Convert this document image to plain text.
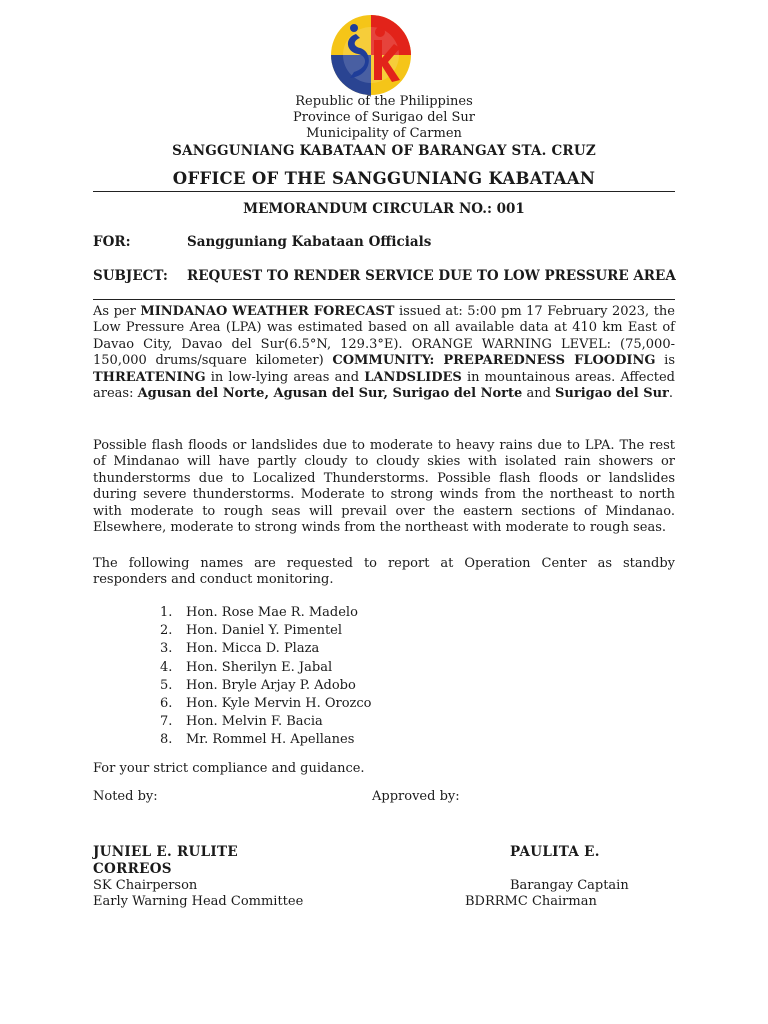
Republic of the Philippines
Province of Surigao del Sur
Municipality of Carmen
SANGGUNIANG KABATAAN OF BARANGAY STA. CRUZ
OFFICE OF THE SANGGUNIANG KABATAAN
MEMORANDUM CIRCULAR NO.: 001
FOR:	Sangguniang Kabataan Officials
SUBJECT: REQUEST TO RENDER SERVICE DUE TO LOW PRESSURE AREA
As per MINDANAO WEATHER FORECAST issued at: 5:00 pm 17 February 2023, the Low Pressure Area (LPA) was estimated based on all available data at 410 km East of Davao City, Davao del Sur(6.5°N, 129.3°E). ORANGE WARNING LEVEL: (75,000-150,000 drums/square kilometer) COMMUNITY: PREPAREDNESS FLOODING is THREATENING in low-lying areas and LANDSLIDES in mountainous areas. Affected areas: Agusan del Norte, Agusan del Sur, Surigao del Norte and Surigao del Sur.
Possible flash floods or landslides due to moderate to heavy rains due to LPA. The rest of Mindanao will have partly cloudy to cloudy skies with isolated rain showers or thunderstorms due to Localized Thunderstorms. Possible flash floods or landslides during severe thunderstorms. Moderate to strong winds from the northeast to north with moderate to rough seas will prevail over the eastern sections of Mindanao. Elsewhere, moderate to strong winds from the northeast with moderate to rough seas.
The following names are requested to report at Operation Center as standby responders and conduct monitoring.
1.	Hon. Rose Mae R. Madelo
2.	Hon. Daniel Y. Pimentel
3.	Hon. Micca D. Plaza
4.	Hon. Sherilyn E. Jabal
5.	Hon. Bryle Arjay P. Adobo
6.	Hon. Kyle Mervin H. Orozco
7.	Hon. Melvin F. Bacia
8.	Mr. Rommel H. Apellanes
For your strict compliance and guidance.
Noted by:	Approved by:
JUNIEL E. RULITE
CORREOS
SK Chairperson
Early Warning Head Committee
PAULITA E.
Barangay Captain
BDRRMC Chairman
